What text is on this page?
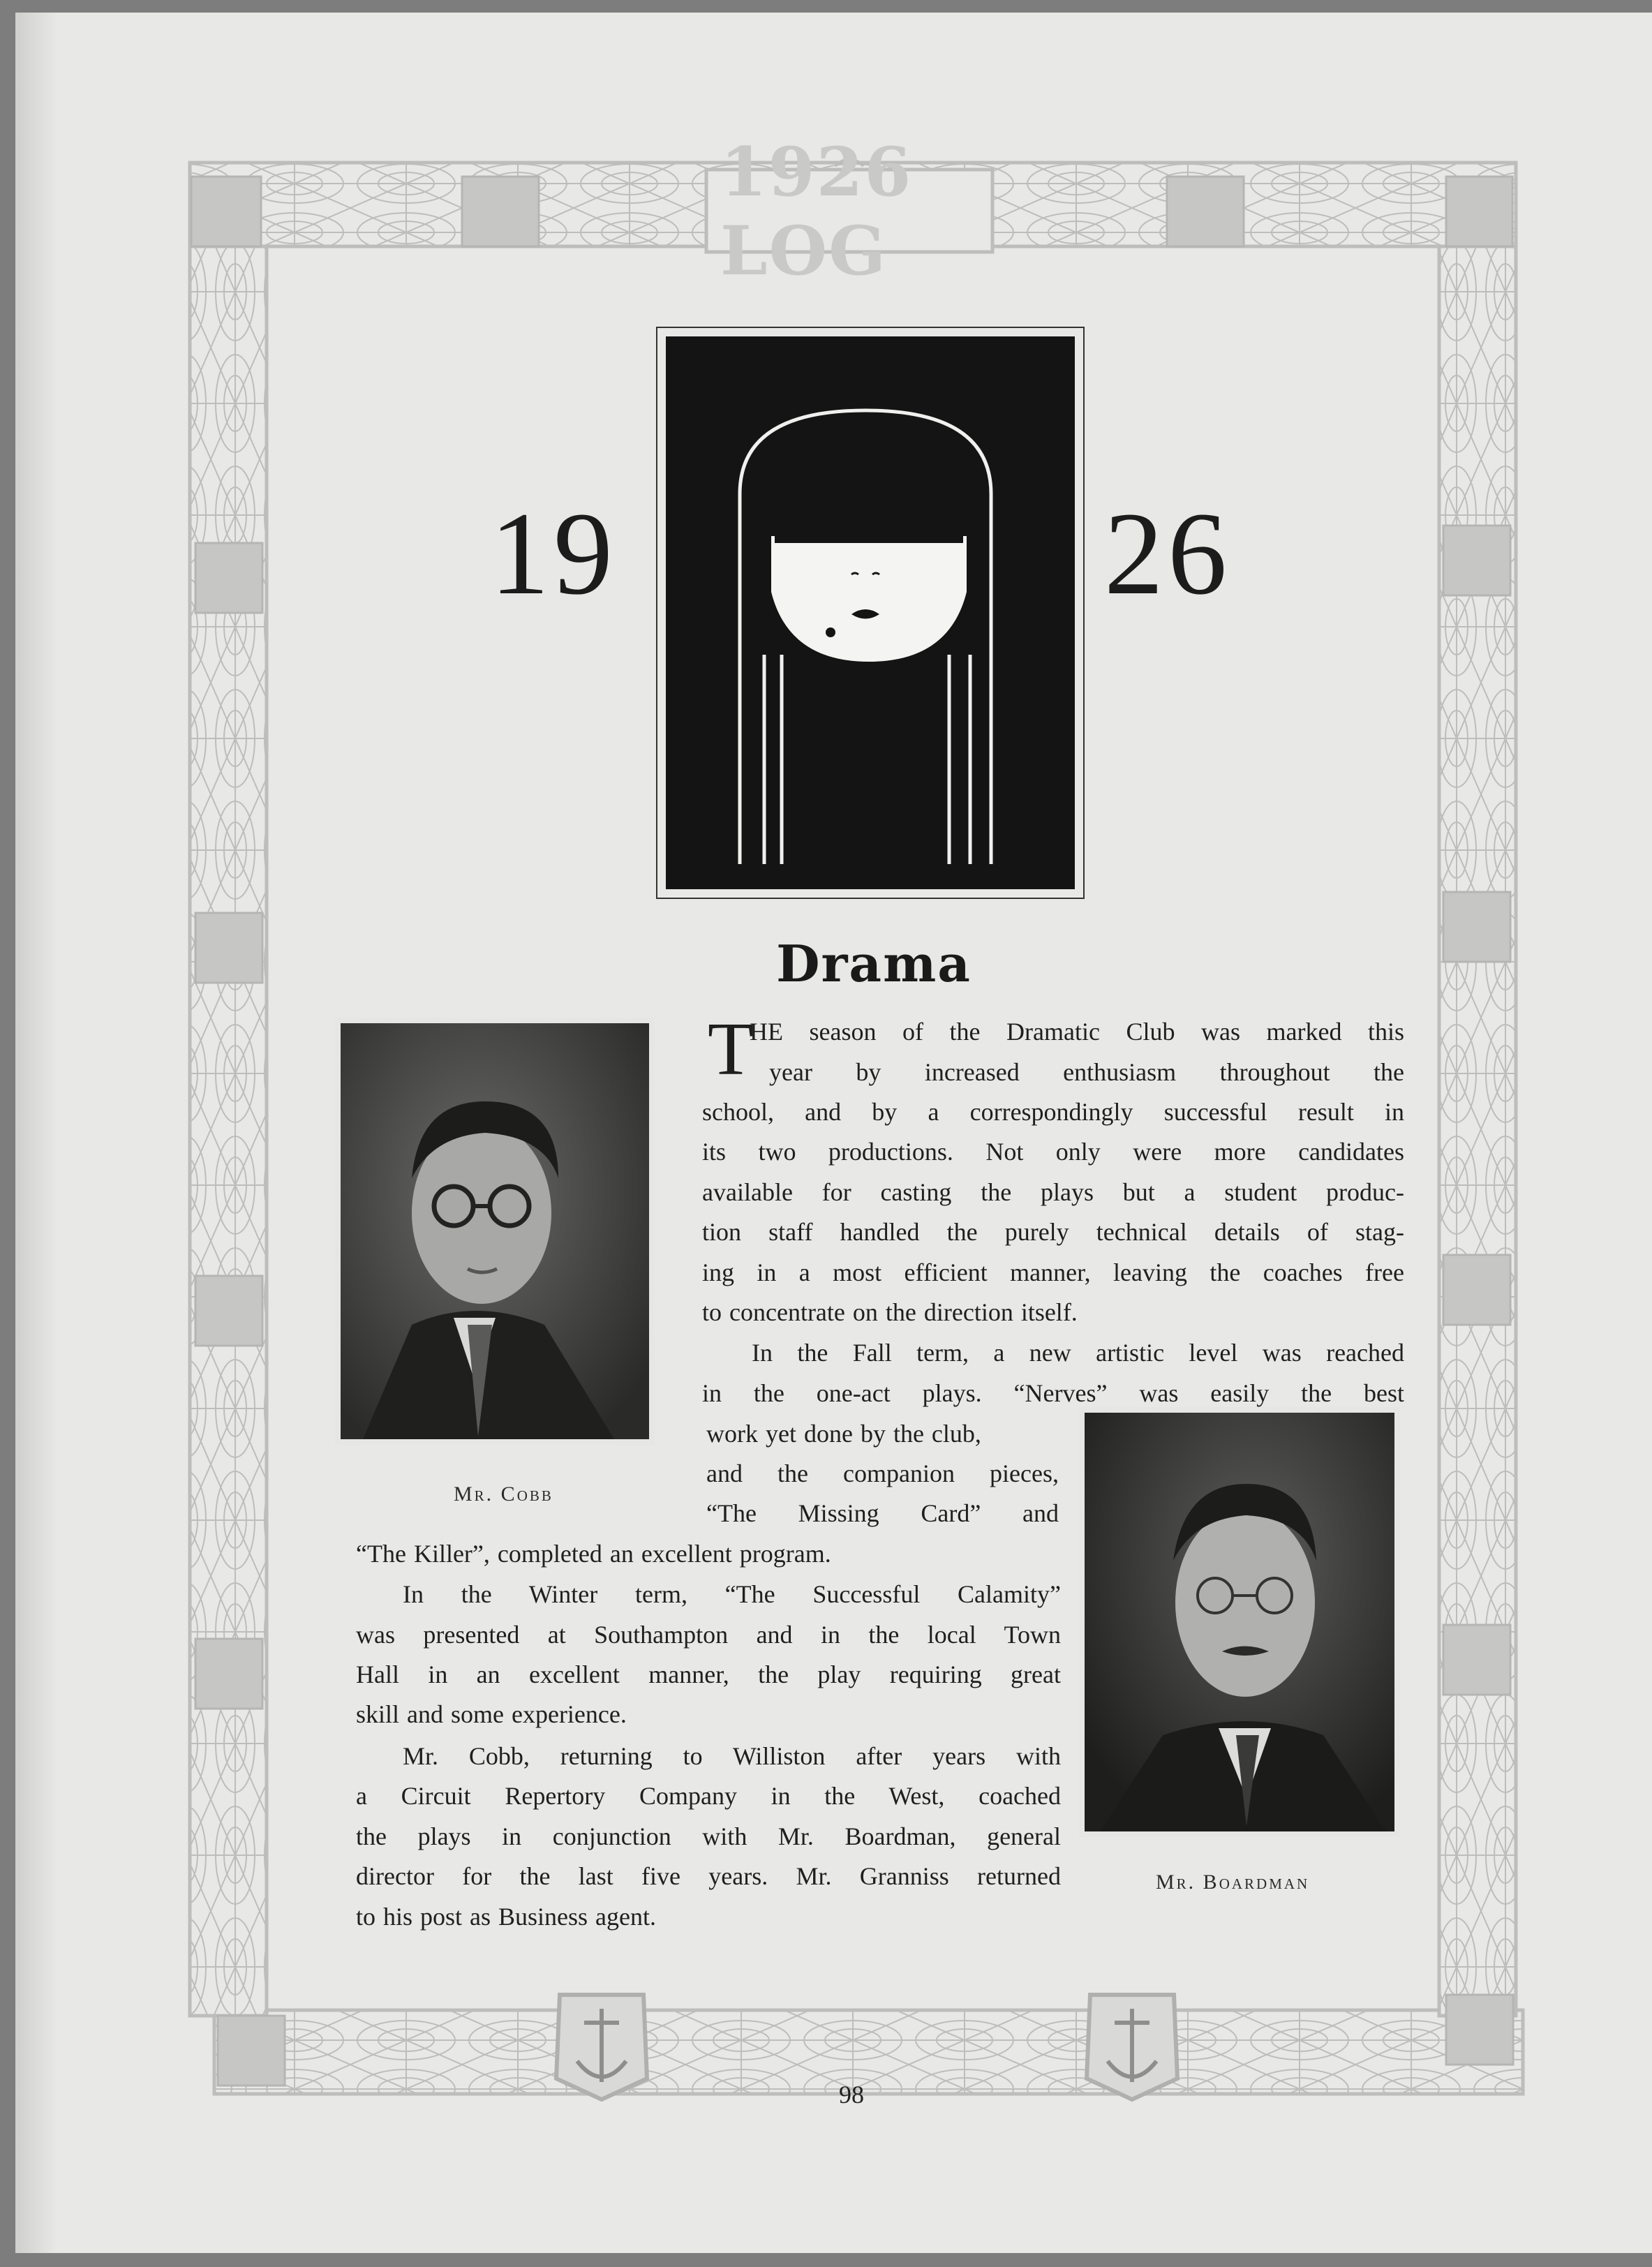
1926 LOG
19	26
Drama
Mr. Cobb
Mr. Boardman
T
HE season of the Dramatic Club was marked this
year by increased enthusiasm throughout the
school, and by a correspondingly successful result in
its two productions. Not only were more candidates
available for casting the plays but a student produc-
tion staff handled the purely technical details of stag-
ing in a most efficient manner, leaving the coaches free
to concentrate on the direction itself.
In the Fall term, a new artistic level was reached
in the one-act plays. “Nerves” was easily the best
work yet done by the club,
and the companion pieces,
“The Missing Card” and
“The Killer”, completed an excellent program.
In the Winter term, “The Successful Calamity”
was presented at Southampton and in the local Town
Hall in an excellent manner, the play requiring great
skill and some experience.
Mr. Cobb, returning to Williston after years with
a Circuit Repertory Company in the West, coached
the plays in conjunction with Mr. Boardman, general
director for the last five years. Mr. Granniss returned
to his post as Business agent.
98
